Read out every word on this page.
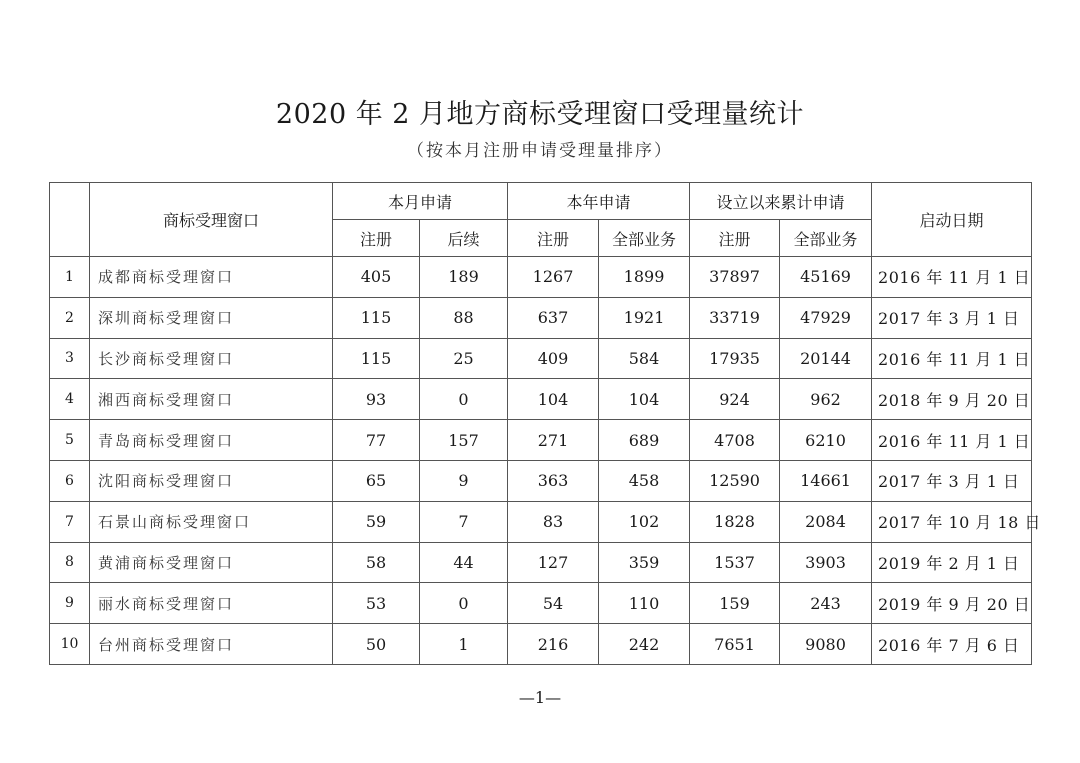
2020 年 2 月地方商标受理窗口受理量统计
（按本月注册申请受理量排序）
	商标受理窗口	本月申请		本年申请		设立以来累计申请		启动日期
		注册	后续	注册	全部业务	注册	全部业务	
1	成都商标受理窗口	405	189	1267	1899	37897	45169	2016 年 11 月 1 日
2	深圳商标受理窗口	115	88	637	1921	33719	47929	2017 年 3 月 1 日
3	长沙商标受理窗口	115	25	409	584	17935	20144	2016 年 11 月 1 日
4	湘西商标受理窗口	93	0	104	104	924	962	2018 年 9 月 20 日
5	青岛商标受理窗口	77	157	271	689	4708	6210	2016 年 11 月 1 日
6	沈阳商标受理窗口	65	9	363	458	12590	14661	2017 年 3 月 1 日
7	石景山商标受理窗口	59	7	83	102	1828	2084	2017 年 10 月 18 日
8	黄浦商标受理窗口	58	44	127	359	1537	3903	2019 年 2 月 1 日
9	丽水商标受理窗口	53	0	54	110	159	243	2019 年 9 月 20 日
10	台州商标受理窗口	50	1	216	242	7651	9080	2016 年 7 月 6 日
—1—
